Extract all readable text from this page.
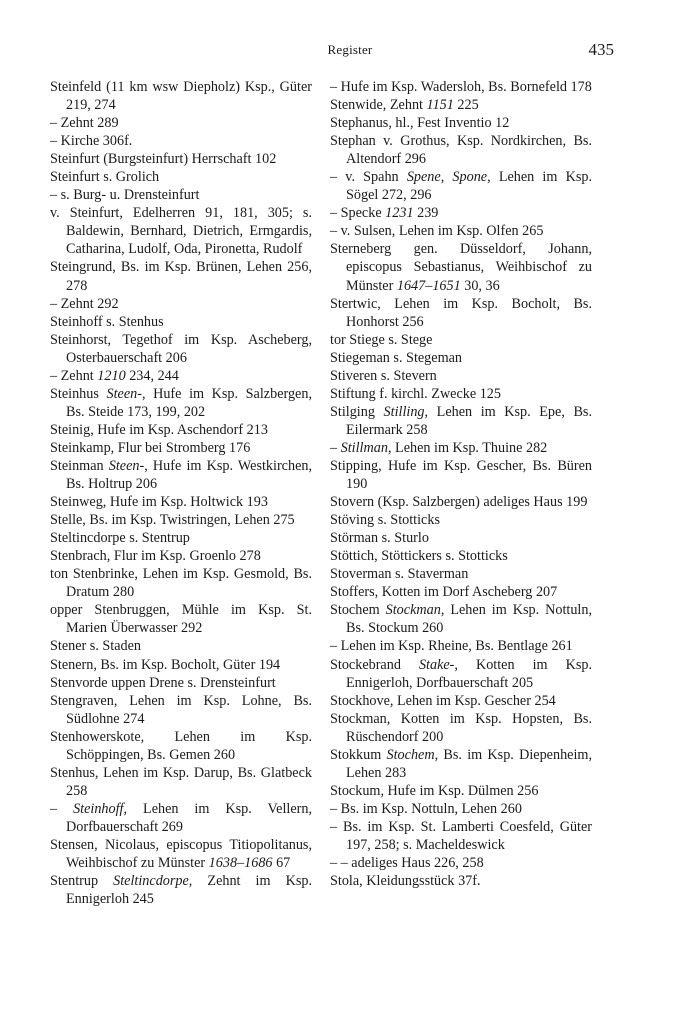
Register	435
Steinfeld (11 km wsw Diepholz) Ksp., Güter 219, 274
– Zehnt 289
– Kirche 306f.
Steinfurt (Burgsteinfurt) Herrschaft 102
Steinfurt s. Grolich
– s. Burg- u. Drensteinfurt
v. Steinfurt, Edelherren 91, 181, 305; s. Baldewin, Bernhard, Dietrich, Ermgardis, Catharina, Ludolf, Oda, Pironetta, Rudolf
Steingrund, Bs. im Ksp. Brünen, Lehen 256, 278
– Zehnt 292
Steinhoff s. Stenhus
Steinhorst, Tegethof im Ksp. Ascheberg, Osterbauerschaft 206
– Zehnt 1210 234, 244
Steinhus Steen-, Hufe im Ksp. Salzbergen, Bs. Steide 173, 199, 202
Steinig, Hufe im Ksp. Aschendorf 213
Steinkamp, Flur bei Stromberg 176
Steinman Steen-, Hufe im Ksp. Westkirchen, Bs. Holtrup 206
Steinweg, Hufe im Ksp. Holtwick 193
Stelle, Bs. im Ksp. Twistringen, Lehen 275
Steltincdorpe s. Stentrup
Stenbrach, Flur im Ksp. Groenlo 278
ton Stenbrinke, Lehen im Ksp. Gesmold, Bs. Dratum 280
opper Stenbruggen, Mühle im Ksp. St. Marien Überwasser 292
Stener s. Staden
Stenern, Bs. im Ksp. Bocholt, Güter 194
Stenvorde uppen Drene s. Drensteinfurt
Stengraven, Lehen im Ksp. Lohne, Bs. Südlohne 274
Stenhowerskote, Lehen im Ksp. Schöppingen, Bs. Gemen 260
Stenhus, Lehen im Ksp. Darup, Bs. Glatbeck 258
– Steinhoff, Lehen im Ksp. Vellern, Dorfbauerschaft 269
Stensen, Nicolaus, episcopus Titiopolitanus, Weihbischof zu Münster 1638–1686 67
Stentrup Steltincdorpe, Zehnt im Ksp. Ennigerloh 245
– Hufe im Ksp. Wadersloh, Bs. Bornefeld 178
Stenwide, Zehnt 1151 225
Stephanus, hl., Fest Inventio 12
Stephan v. Grothus, Ksp. Nordkirchen, Bs. Altendorf 296
– v. Spahn Spene, Spone, Lehen im Ksp. Sögel 272, 296
– Specke 1231 239
– v. Sulsen, Lehen im Ksp. Olfen 265
Sterneberg gen. Düsseldorf, Johann, episcopus Sebastianus, Weihbischof zu Münster 1647–1651 30, 36
Stertwic, Lehen im Ksp. Bocholt, Bs. Honhorst 256
tor Stiege s. Stege
Stiegeman s. Stegeman
Stiveren s. Stevern
Stiftung f. kirchl. Zwecke 125
Stilging Stilling, Lehen im Ksp. Epe, Bs. Eilermark 258
– Stillman, Lehen im Ksp. Thuine 282
Stipping, Hufe im Ksp. Gescher, Bs. Büren 190
Stovern (Ksp. Salzbergen) adeliges Haus 199
Stöving s. Stotticks
Störman s. Sturlo
Stöttich, Stöttickers s. Stotticks
Stoverman s. Staverman
Stoffers, Kotten im Dorf Ascheberg 207
Stochem Stockman, Lehen im Ksp. Nottuln, Bs. Stockum 260
– Lehen im Ksp. Rheine, Bs. Bentlage 261
Stockebrand Stake-, Kotten im Ksp. Ennigerloh, Dorfbauerschaft 205
Stockhove, Lehen im Ksp. Gescher 254
Stockman, Kotten im Ksp. Hopsten, Bs. Rüschendorf 200
Stokkum Stochem, Bs. im Ksp. Diepenheim, Lehen 283
Stockum, Hufe im Ksp. Dülmen 256
– Bs. im Ksp. Nottuln, Lehen 260
– Bs. im Ksp. St. Lamberti Coesfeld, Güter 197, 258; s. Macheldeswick
– – adeliges Haus 226, 258
Stola, Kleidungsstück 37f.
